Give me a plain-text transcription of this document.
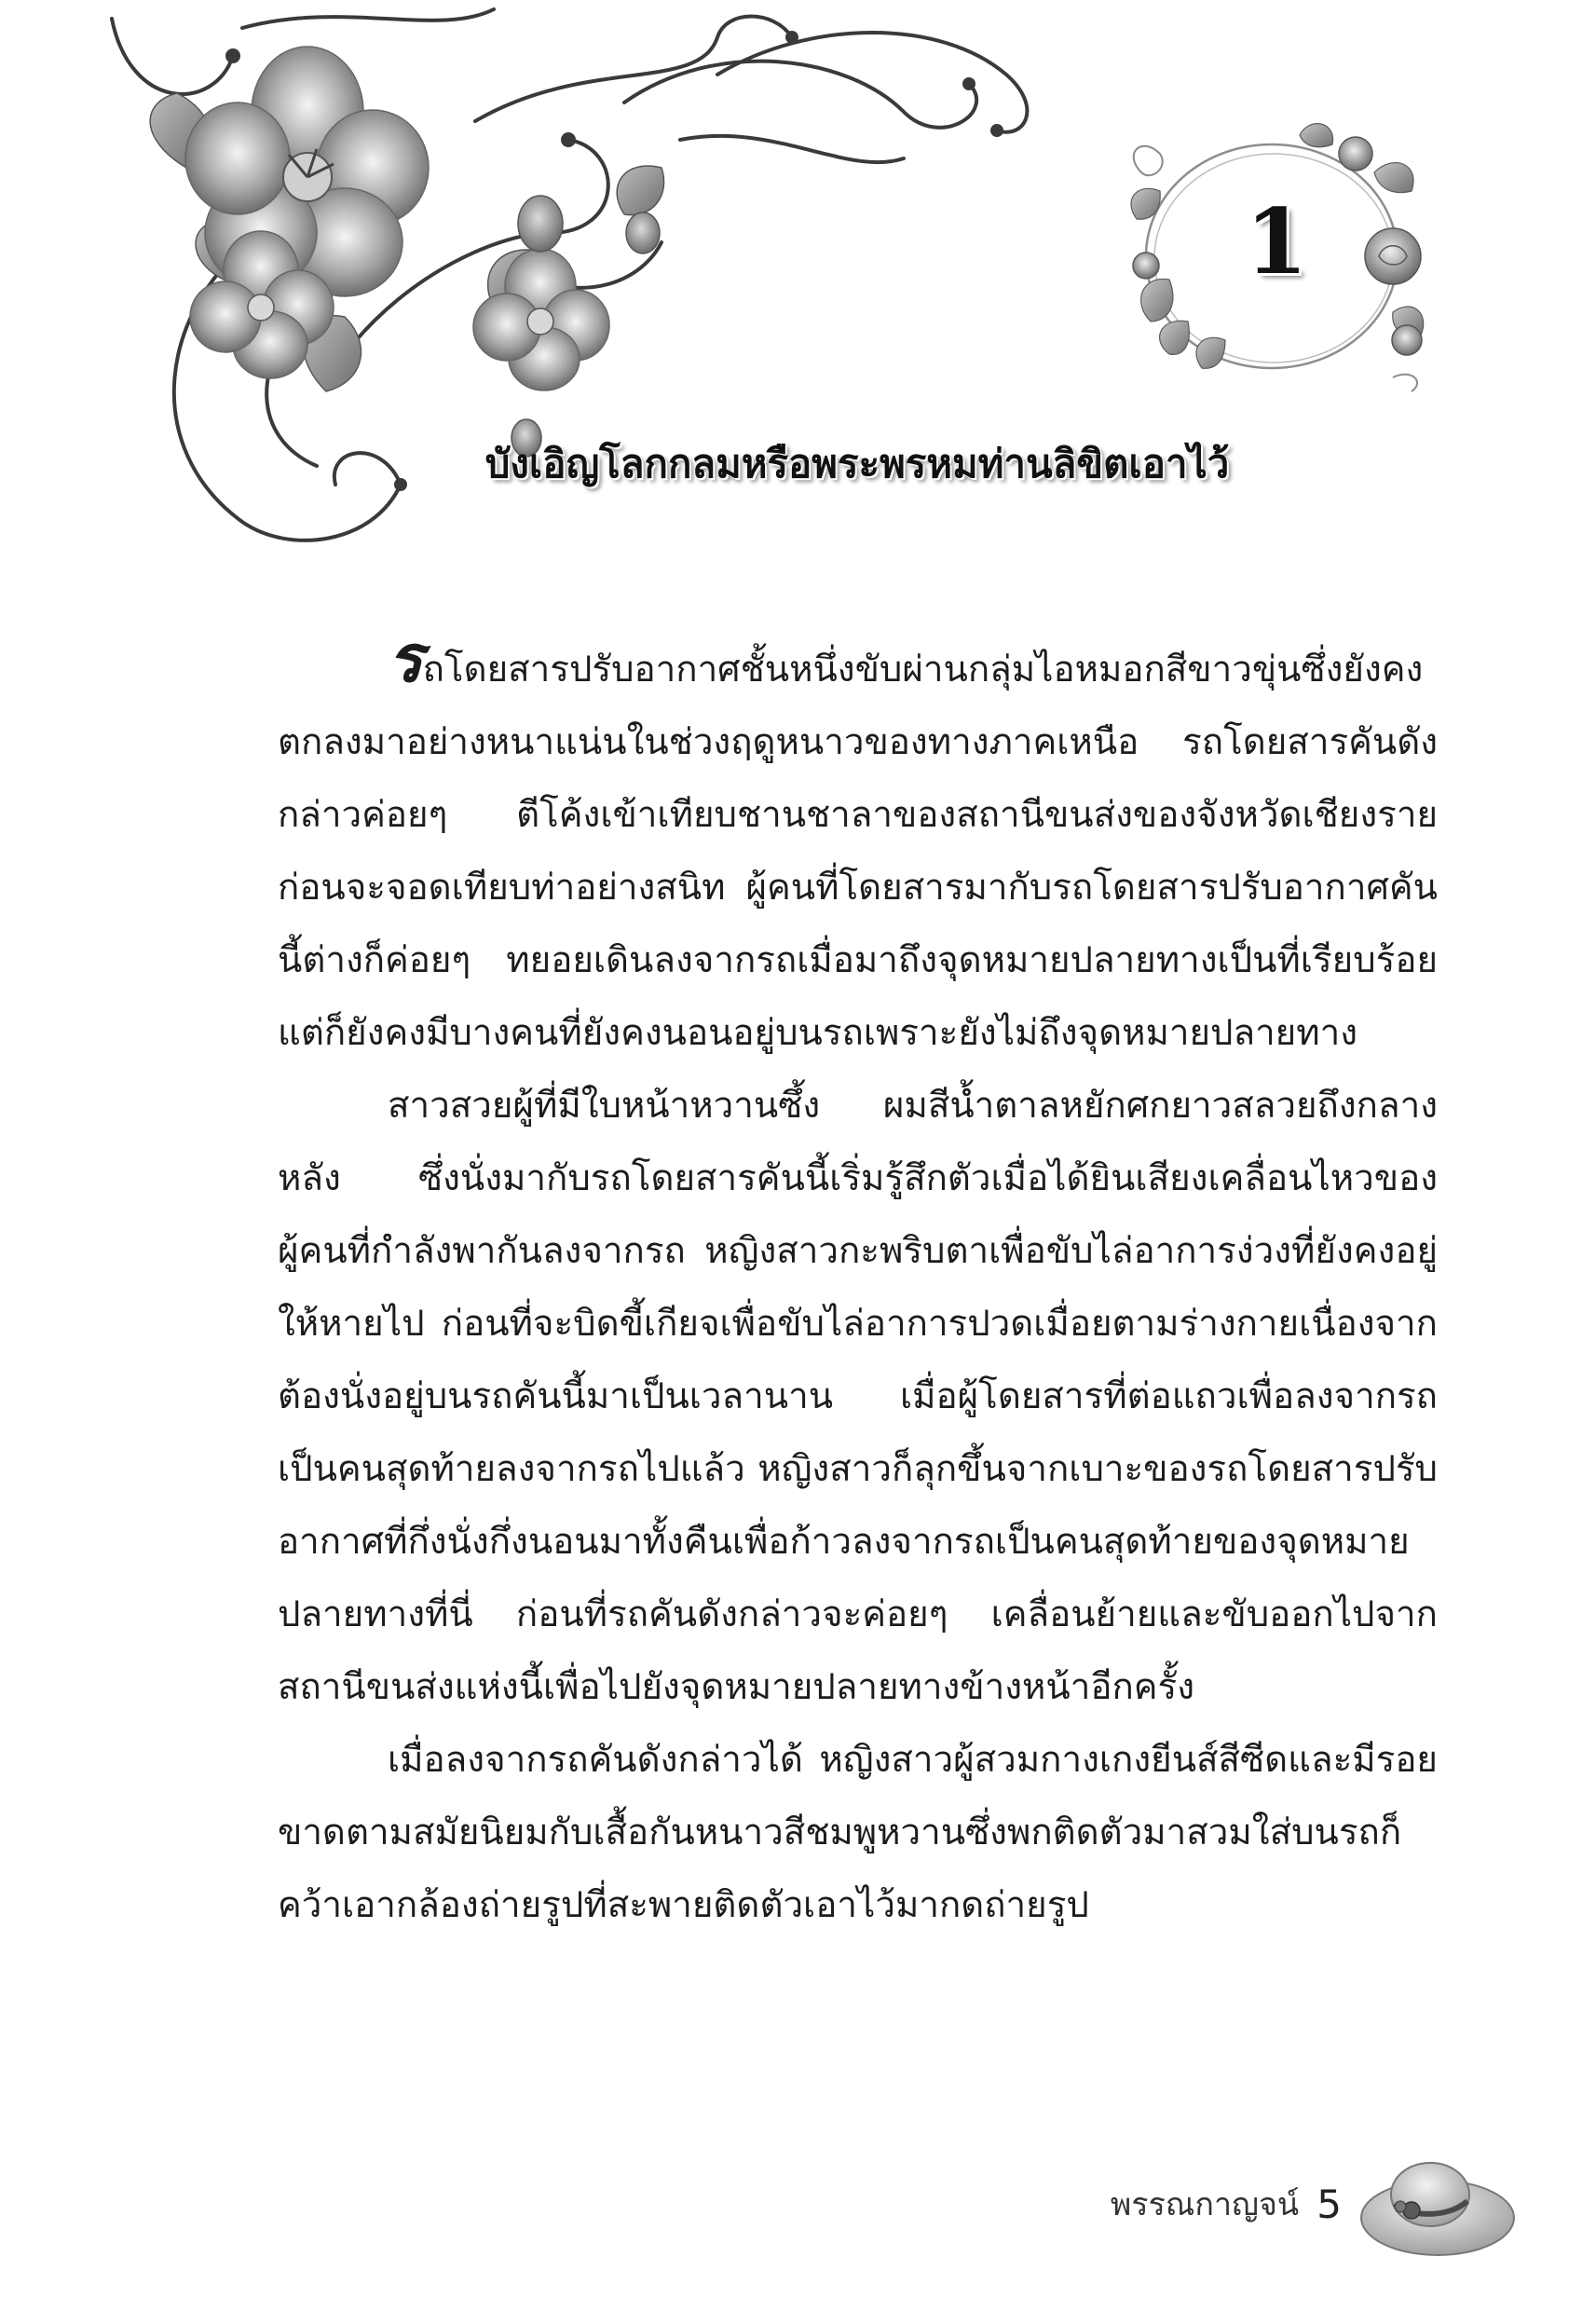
1
บังเอิญโลกกลมหรือพระพรหมท่านลิขิตเอาไว้

รถโดยสารปรับอากาศชั้นหนึ่งขับผ่านกลุ่มไอหมอกสีขาวขุ่นซึ่งยังคงตกลงมาอย่างหนาแน่นในช่วงฤดูหนาวของทางภาคเหนือ รถโดยสารคันดังกล่าวค่อยๆ ตีโค้งเข้าเทียบชานชาลาของสถานีขนส่งของจังหวัดเชียงราย ก่อนจะจอดเทียบท่าอย่างสนิท ผู้คนที่โดยสารมากับรถโดยสารปรับอากาศคันนี้ต่างก็ค่อยๆ ทยอยเดินลงจากรถเมื่อมาถึงจุดหมายปลายทางเป็นที่เรียบร้อย แต่ก็ยังคงมีบางคนที่ยังคงนอนอยู่บนรถเพราะยังไม่ถึงจุดหมายปลายทาง

สาวสวยผู้ที่มีใบหน้าหวานซึ้ง ผมสีน้ำตาลหยักศกยาวสลวยถึงกลางหลัง ซึ่งนั่งมากับรถโดยสารคันนี้เริ่มรู้สึกตัวเมื่อได้ยินเสียงเคลื่อนไหวของผู้คนที่กำลังพากันลงจากรถ หญิงสาวกะพริบตาเพื่อขับไล่อาการง่วงที่ยังคงอยู่ให้หายไป ก่อนที่จะบิดขี้เกียจเพื่อขับไล่อาการปวดเมื่อยตามร่างกายเนื่องจากต้องนั่งอยู่บนรถคันนี้มาเป็นเวลานาน เมื่อผู้โดยสารที่ต่อแถวเพื่อลงจากรถเป็นคนสุดท้ายลงจากรถไปแล้ว หญิงสาวก็ลุกขึ้นจากเบาะของรถโดยสารปรับอากาศที่กึ่งนั่งกึ่งนอนมาทั้งคืนเพื่อก้าวลงจากรถเป็นคนสุดท้ายของจุดหมายปลายทางที่นี่ ก่อนที่รถคันดังกล่าวจะค่อยๆ เคลื่อนย้ายและขับออกไปจากสถานีขนส่งแห่งนี้เพื่อไปยังจุดหมายปลายทางข้างหน้าอีกครั้ง

เมื่อลงจากรถคันดังกล่าวได้ หญิงสาวผู้สวมกางเกงยีนส์สีซีดและมีรอยขาดตามสมัยนิยมกับเสื้อกันหนาวสีชมพูหวานซึ่งพกติดตัวมาสวมใส่บนรถก็คว้าเอากล้องถ่ายรูปที่สะพายติดตัวเอาไว้มากดถ่ายรูป

พรรณกาญจน์ 5
